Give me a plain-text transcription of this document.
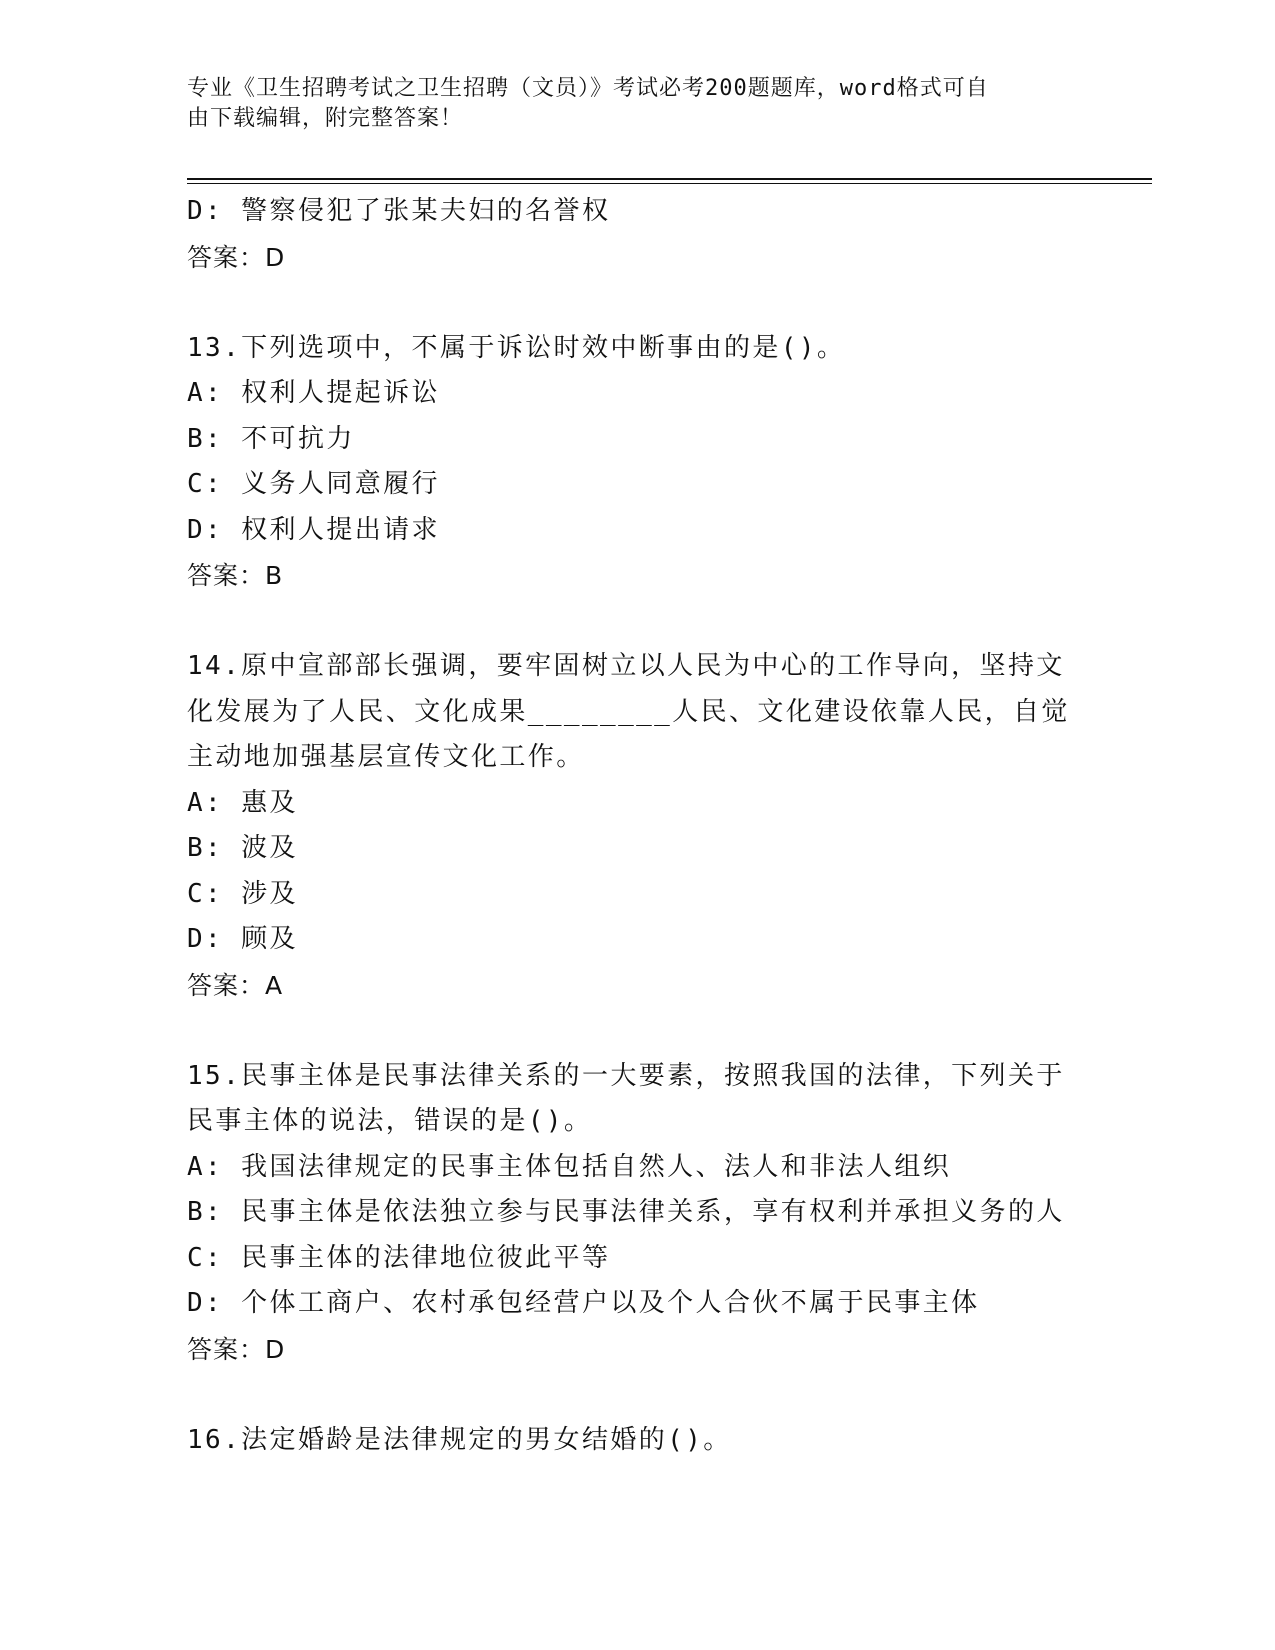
专业《卫生招聘考试之卫生招聘（文员）》考试必考200题题库，word格式可自
由下载编辑，附完整答案！
D: 警察侵犯了张某夫妇的名誉权
答案：D
13.下列选项中，不属于诉讼时效中断事由的是()。
A: 权利人提起诉讼
B: 不可抗力
C: 义务人同意履行
D: 权利人提出请求
答案：B
14.原中宣部部长强调，要牢固树立以人民为中心的工作导向，坚持文
化发展为了人民、文化成果________人民、文化建设依靠人民，自觉
主动地加强基层宣传文化工作。
A: 惠及
B: 波及
C: 涉及
D: 顾及
答案：A
15.民事主体是民事法律关系的一大要素，按照我国的法律，下列关于
民事主体的说法，错误的是()。
A: 我国法律规定的民事主体包括自然人、法人和非法人组织
B: 民事主体是依法独立参与民事法律关系，享有权利并承担义务的人
C: 民事主体的法律地位彼此平等
D: 个体工商户、农村承包经营户以及个人合伙不属于民事主体
答案：D
16.法定婚龄是法律规定的男女结婚的()。
